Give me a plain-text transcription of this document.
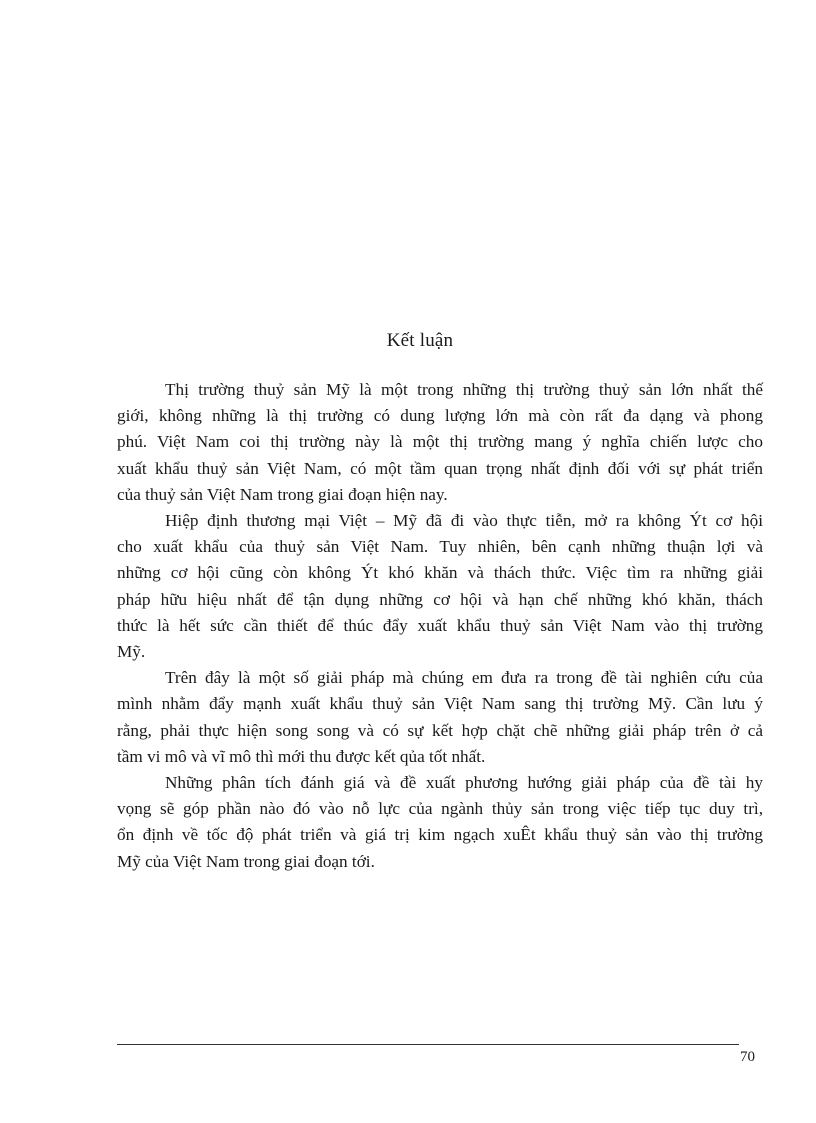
Kết luận
Thị trường thuỷ sản Mỹ là một trong những thị trường thuỷ sản lớn nhất thế
giới, không những là thị trường có dung lượng lớn mà còn rất đa dạng và phong
phú. Việt Nam coi thị trường này là một thị trường mang ý nghĩa chiến lược cho
xuất khẩu thuỷ sản Việt Nam, có một tầm quan trọng nhất định đối với sự phát triển
của thuỷ sản Việt Nam trong giai đoạn hiện nay.
Hiệp định thương mại Việt – Mỹ đã đi vào thực tiễn, mở ra không Ýt cơ hội
cho xuất khẩu của thuỷ sản Việt Nam. Tuy nhiên, bên cạnh những thuận lợi và
những cơ hội cũng còn không Ýt khó khăn và thách thức. Việc tìm ra những giải
pháp hữu hiệu nhất để tận dụng những cơ hội và hạn chế những khó khăn, thách
thức là hết sức cần thiết để thúc đẩy xuất khẩu thuỷ sản Việt Nam vào thị trường
Mỹ.
Trên đây là một số giải pháp mà chúng em đưa ra trong đề tài nghiên cứu của
mình nhằm đẩy mạnh xuất khẩu thuỷ sản Việt Nam sang thị trường Mỹ. Cần lưu ý
rằng, phải thực hiện song song và có sự kết hợp chặt chẽ những giải pháp trên ở cả
tầm vi mô và vĩ mô thì mới thu được kết qủa tốt nhất.
Những phân tích đánh giá và đề xuất phương hướng giải pháp của đề tài hy
vọng sẽ góp phần nào đó vào nỗ lực của ngành thủy sản trong việc tiếp tục duy trì,
ổn định về tốc độ phát triển và giá trị kim ngạch xuÊt khẩu thuỷ sản vào thị trường
Mỹ của Việt Nam trong giai đoạn tới.
70
